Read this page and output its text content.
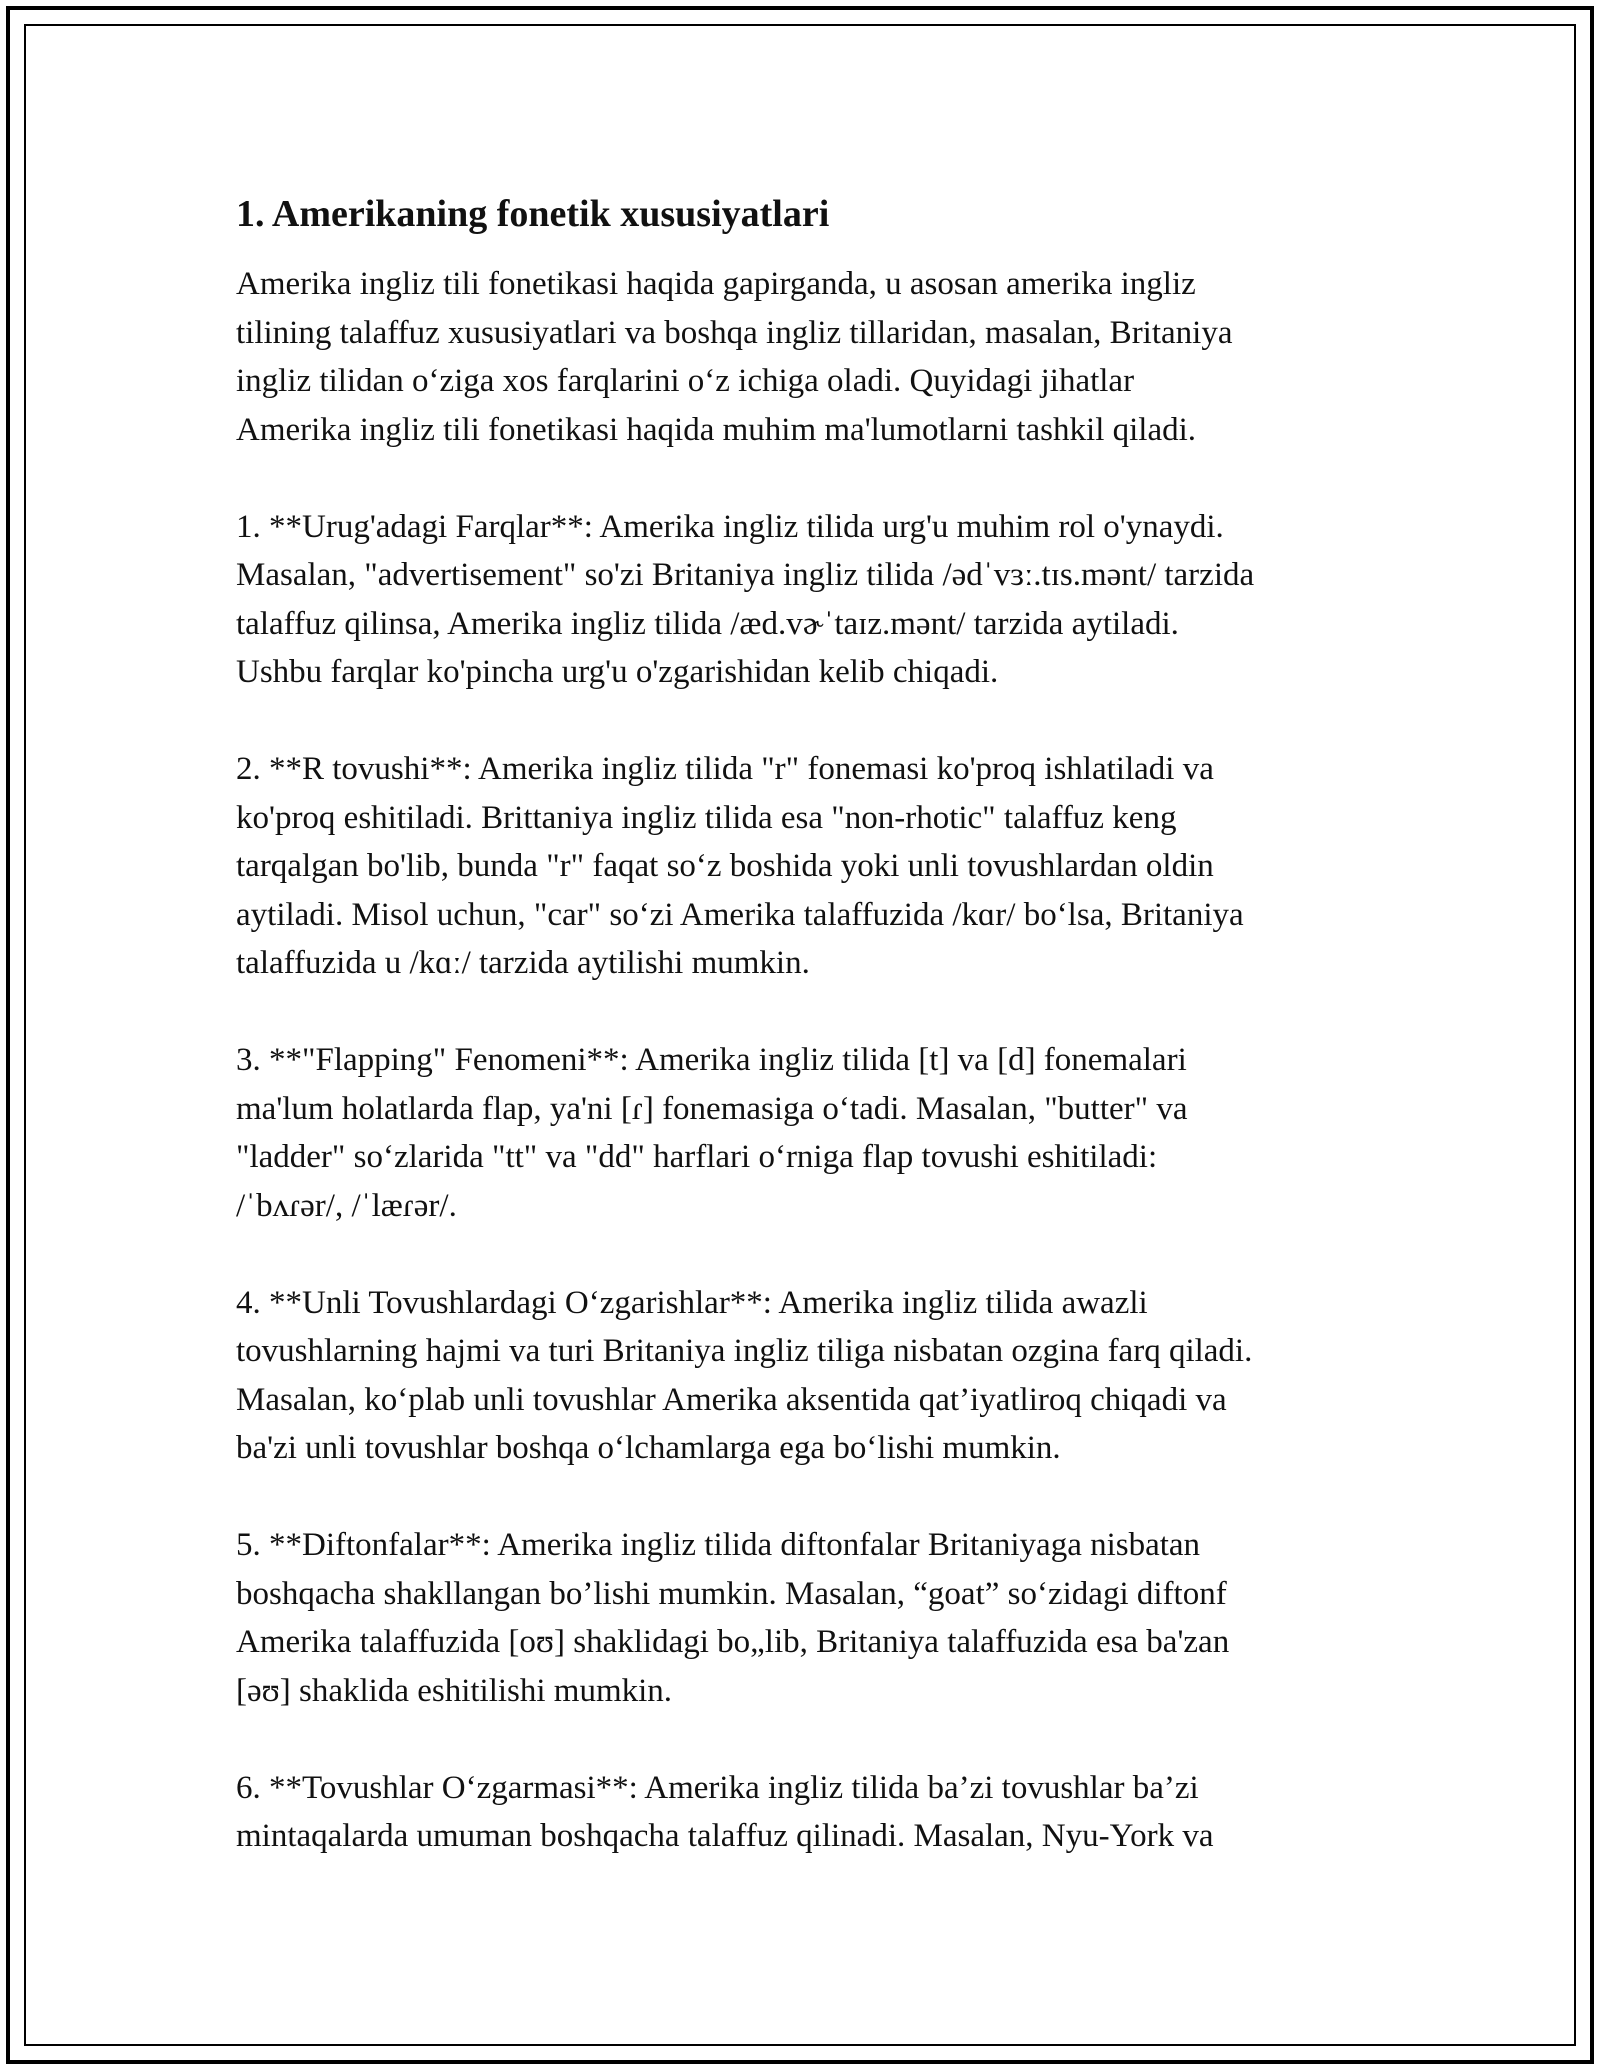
1. Amerikaning fonetik xususiyatlari

Amerika ingliz tili fonetikasi haqida gapirganda, u asosan amerika ingliz
tilining talaffuz xususiyatlari va boshqa ingliz tillaridan, masalan, Britaniya
ingliz tilidan o‘ziga xos farqlarini o‘z ichiga oladi. Quyidagi jihatlar
Amerika ingliz tili fonetikasi haqida muhim ma'lumotlarni tashkil qiladi.

1. **Urug'adagi Farqlar**: Amerika ingliz tilida urg'u muhim rol o'ynaydi.
Masalan, "advertisement" so'zi Britaniya ingliz tilida /ədˈvɜː.tɪs.mənt/ tarzida
talaffuz qilinsa, Amerika ingliz tilida /æd.vɚˈtaɪz.mənt/ tarzida aytiladi.
Ushbu farqlar ko'pincha urg'u o'zgarishidan kelib chiqadi.

2. **R tovushi**: Amerika ingliz tilida "r" fonemasi ko'proq ishlatiladi va
ko'proq eshitiladi. Brittaniya ingliz tilida esa "non-rhotic" talaffuz keng
tarqalgan bo'lib, bunda "r" faqat so‘z boshida yoki unli tovushlardan oldin
aytiladi. Misol uchun, "car" so‘zi Amerika talaffuzida /kɑr/ bo‘lsa, Britaniya
talaffuzida u /kɑː/ tarzida aytilishi mumkin.

3. **"Flapping" Fenomeni**: Amerika ingliz tilida [t] va [d] fonemalari
ma'lum holatlarda flap, ya'ni [ɾ] fonemasiga o‘tadi. Masalan, "butter" va
"ladder" so‘zlarida "tt" va "dd" harflari o‘rniga flap tovushi eshitiladi:
/ˈbʌɾər/, /ˈlæɾər/.

4. **Unli Tovushlardagi O‘zgarishlar**: Amerika ingliz tilida awazli
tovushlarning hajmi va turi Britaniya ingliz tiliga nisbatan ozgina farq qiladi.
Masalan, ko‘plab unli tovushlar Amerika aksentida qat’iyatliroq chiqadi va
ba'zi unli tovushlar boshqa o‘lchamlarga ega bo‘lishi mumkin.

5. **Diftonfalar**: Amerika ingliz tilida diftonfalar Britaniyaga nisbatan
boshqacha shakllangan bo’lishi mumkin. Masalan, “goat” so‘zidagi diftonf
Amerika talaffuzida [oʊ] shaklidagi bo„lib, Britaniya talaffuzida esa ba'zan
[əʊ] shaklida eshitilishi mumkin.

6. **Tovushlar O‘zgarmasi**: Amerika ingliz tilida ba’zi tovushlar ba’zi
mintaqalarda umuman boshqacha talaffuz qilinadi. Masalan, Nyu-York va
